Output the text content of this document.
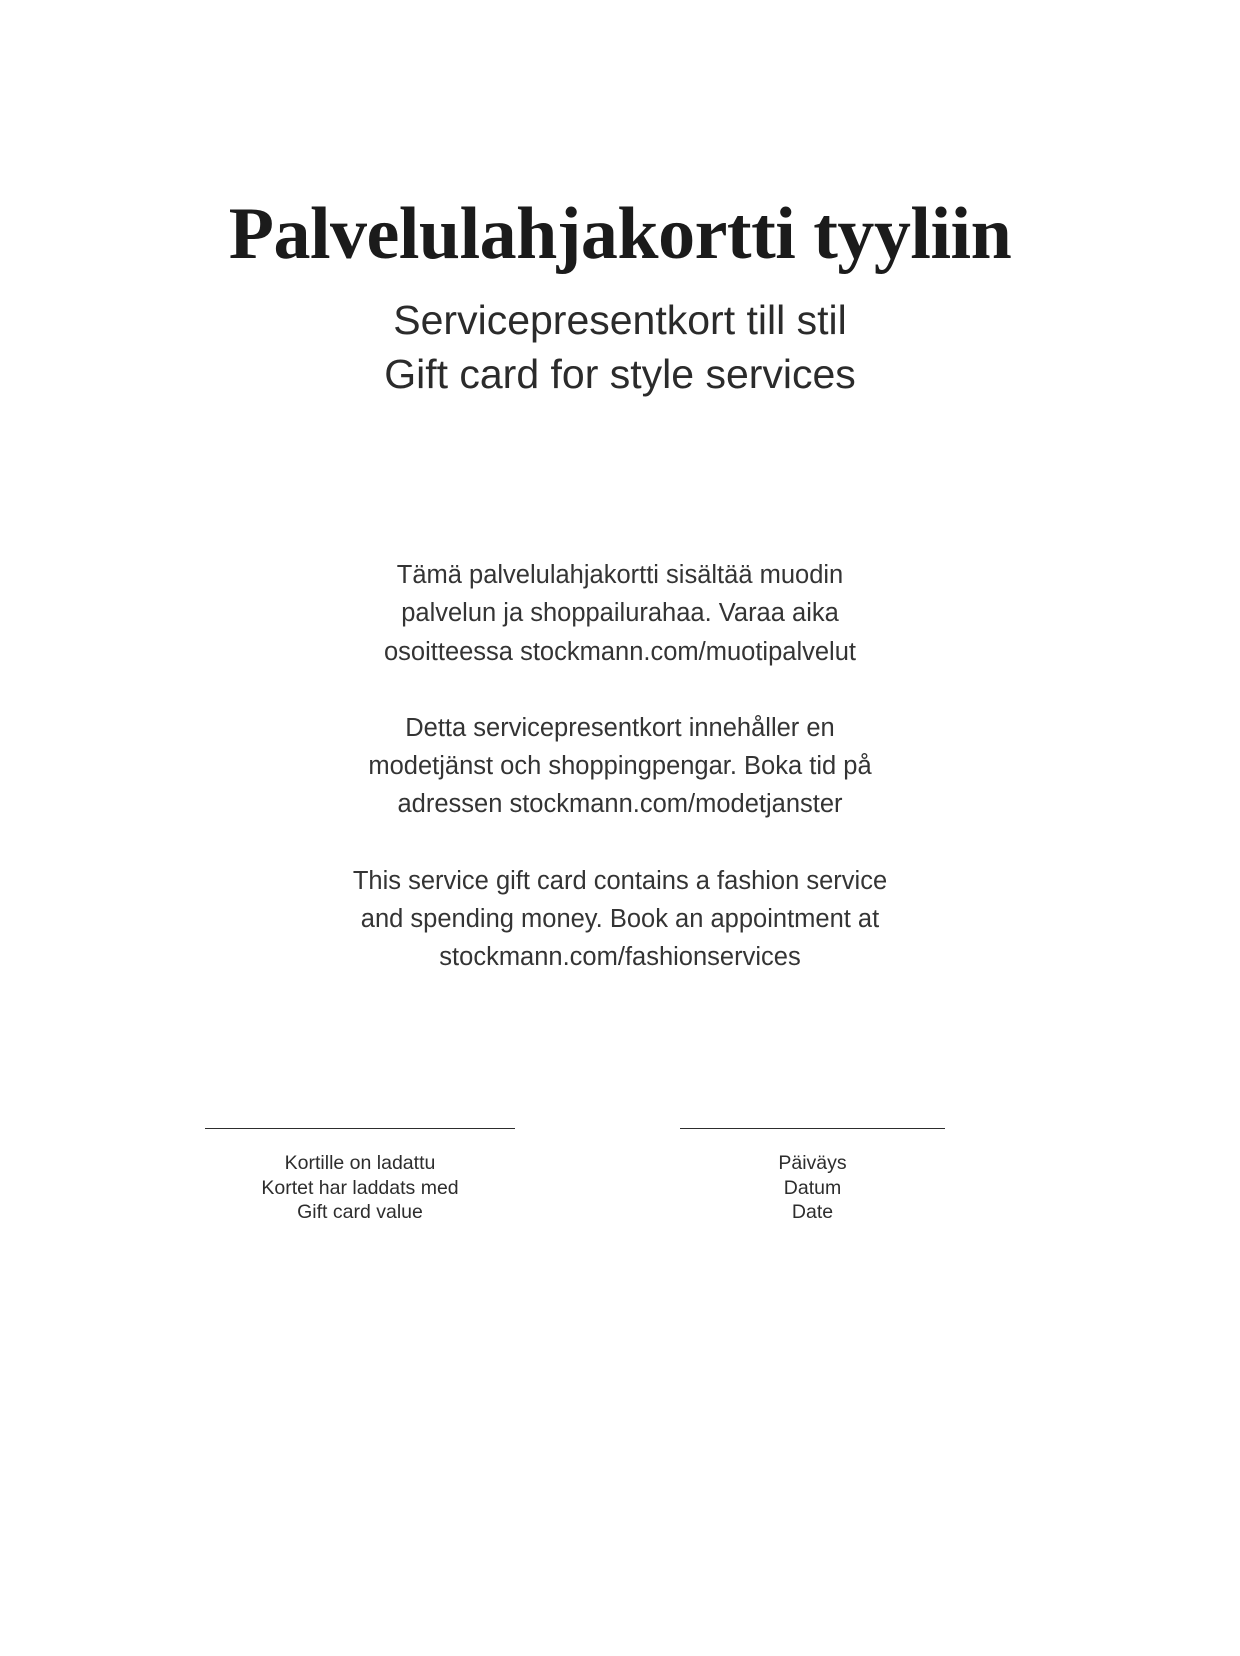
Palvelulahjakortti tyyliin
Servicepresentkort till stil
Gift card for style services

Tämä palvelulahjakortti sisältää muodin
palvelun ja shoppailurahaa. Varaa aika
osoitteessa stockmann.com/muotipalvelut

Detta servicepresentkort innehåller en
modetjänst och shoppingpengar. Boka tid på
adressen stockmann.com/modetjanster

This service gift card contains a fashion service
and spending money. Book an appointment at
stockmann.com/fashionservices

Kortille on ladattu
Kortet har laddats med
Gift card value
Päiväys
Datum
Date
